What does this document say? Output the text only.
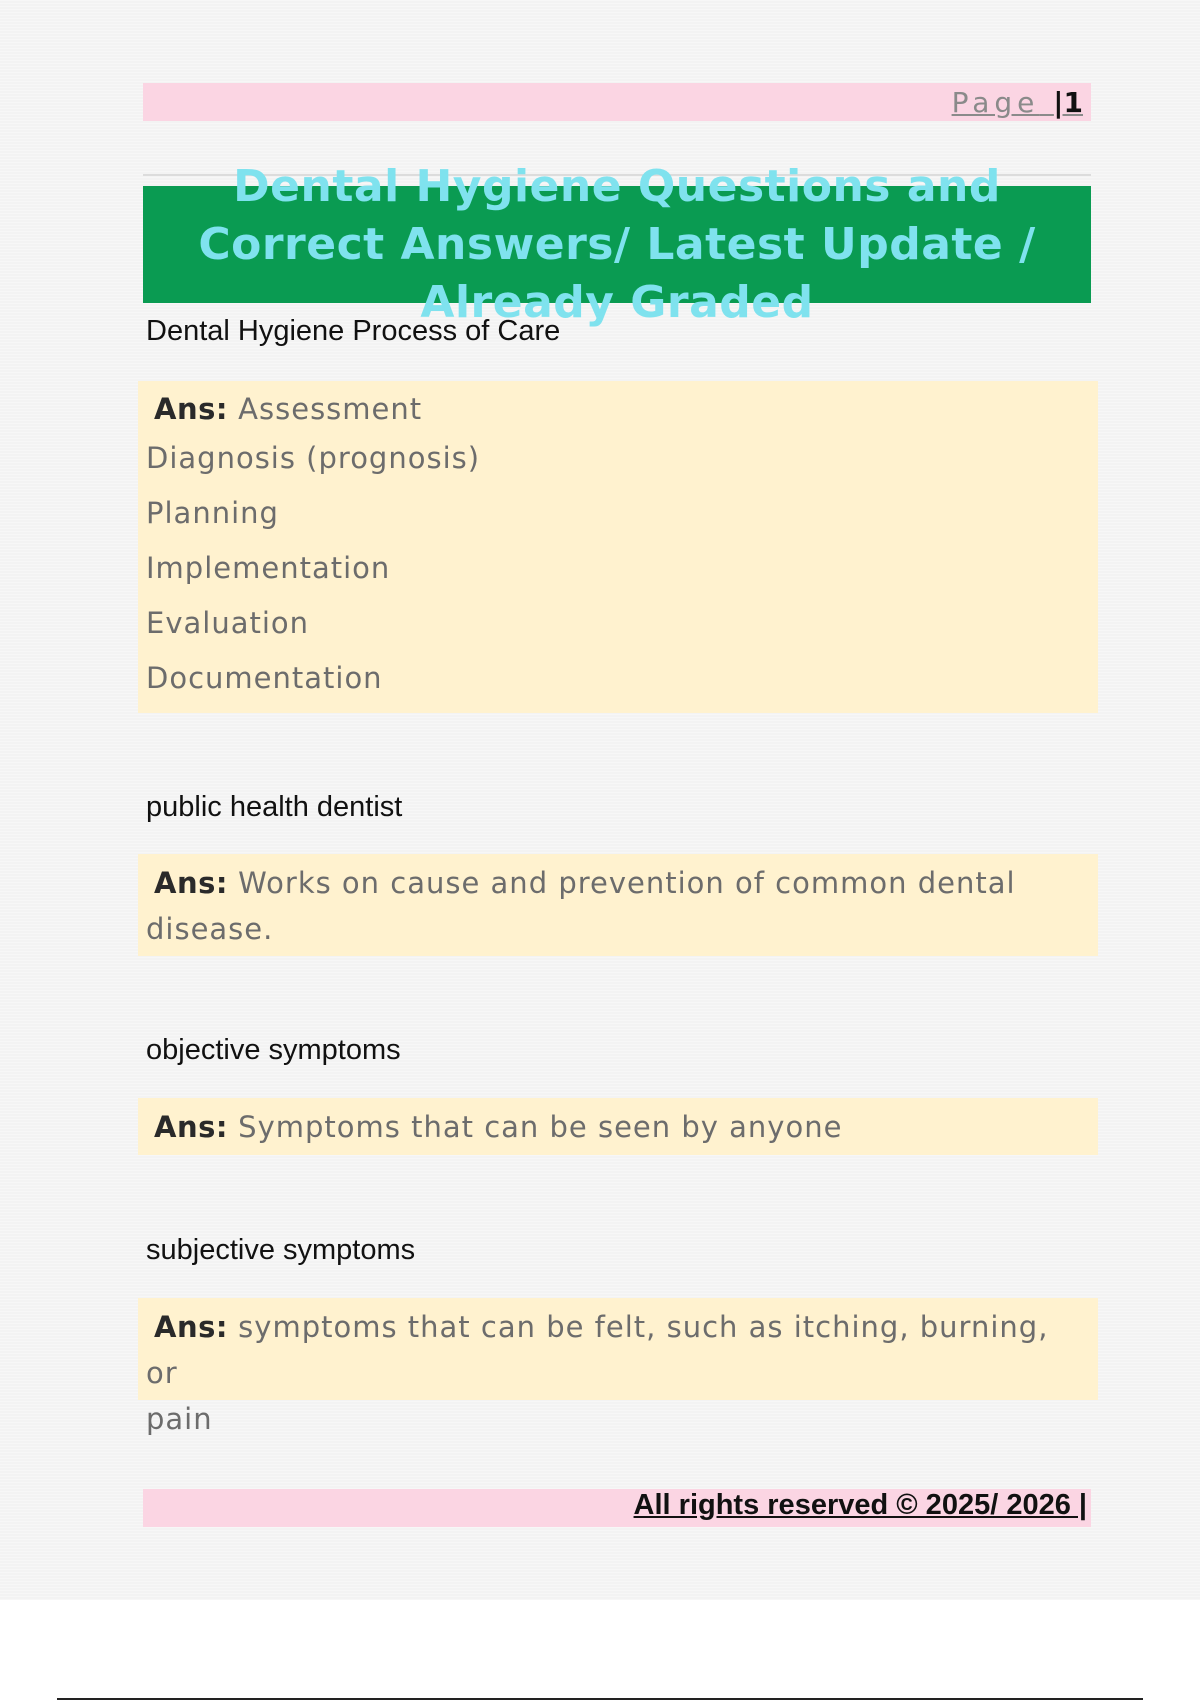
Page |1
Dental Hygiene Questions and Correct Answers/ Latest Update / Already Graded
Dental Hygiene Process of Care
Ans: Assessment
Diagnosis (prognosis)
Planning
Implementation
Evaluation
Documentation
public health dentist
Ans: Works on cause and prevention of common dental
disease.
objective symptoms
Ans: Symptoms that can be seen by anyone
subjective symptoms
Ans: symptoms that can be felt, such as itching, burning, or
pain
All rights reserved © 2025/ 2026 |
